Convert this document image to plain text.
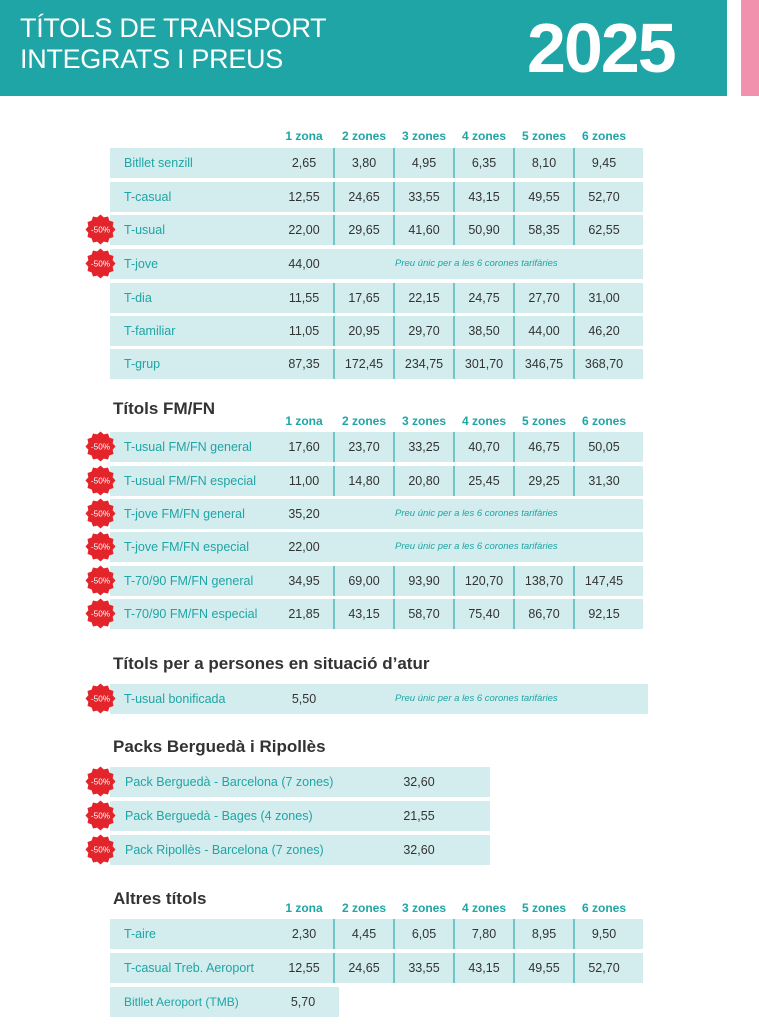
TÍTOLS DE TRANSPORT
INTEGRATS I PREUS	2025
Títols FM/FN
Títols per a persones en situació d’atur
Packs Berguedà i Ripollès
Altres títols
1 zona	2 zones	3 zones	4 zones	5 zones	6 zones
Bitllet senzill	2,65	3,80	4,95	6,35	8,10	9,45
T-casual	12,55	24,65	33,55	43,15	49,55	52,70
-50% T-usual	22,00	29,65	41,60	50,90	58,35	62,55
-50% T-jove	44,00	Preu únic per a les 6 corones tarifàries
T-dia	11,55	17,65	22,15	24,75	27,70	31,00
T-familiar	11,05	20,95	29,70	38,50	44,00	46,20
T-grup	87,35	172,45	234,75	301,70	346,75	368,70
1 zona	2 zones	3 zones	4 zones	5 zones	6 zones
-50% T-usual FM/FN general	17,60	23,70	33,25	40,70	46,75	50,05
-50% T-usual FM/FN especial	11,00	14,80	20,80	25,45	29,25	31,30
-50% T-jove FM/FN general	35,20	Preu únic per a les 6 corones tarifàries
-50% T-jove FM/FN especial	22,00	Preu únic per a les 6 corones tarifàries
-50% T-70/90 FM/FN general	34,95	69,00	93,90	120,70	138,70	147,45
-50% T-70/90 FM/FN especial	21,85	43,15	58,70	75,40	86,70	92,15
-50% T-usual bonificada	5,50	Preu únic per a les 6 corones tarifàries
-50% Pack Berguedà - Barcelona (7 zones)	32,60
-50% Pack Berguedà - Bages (4 zones)	21,55
-50% Pack Ripollès - Barcelona (7 zones)	32,60
1 zona	2 zones	3 zones	4 zones	5 zones	6 zones
T-aire	2,30	4,45	6,05	7,80	8,95	9,50
T-casual Treb. Aeroport	12,55	24,65	33,55	43,15	49,55	52,70
Bitllet Aeroport (TMB)	5,70
